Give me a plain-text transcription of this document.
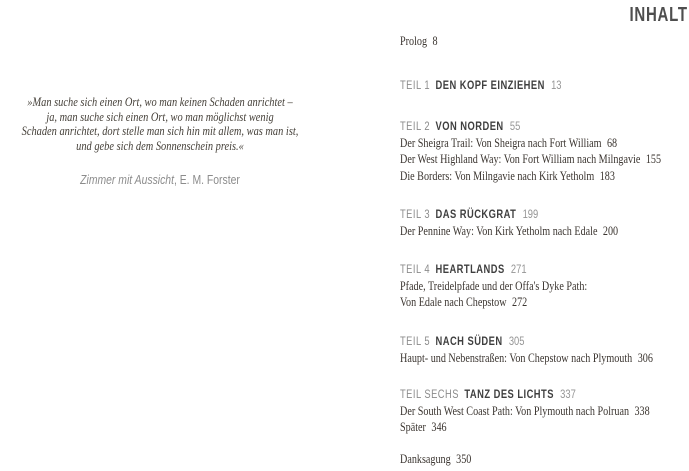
INHALT
»Man suche sich einen Ort, wo man keinen Schaden anrichtet –
ja, man suche sich einen Ort, wo man möglichst wenig
Schaden anrichtet, dort stelle man sich hin mit allem, was man ist,
und gebe sich dem Sonnenschein preis.«
Zimmer mit Aussicht, E. M. Forster
Prolog 8
TEIL 1 DEN KOPF EINZIEHEN 13
TEIL 2 VON NORDEN 55
Der Sheigra Trail: Von Sheigra nach Fort William 68
Der West Highland Way: Von Fort William nach Milngavie 155
Die Borders: Von Milngavie nach Kirk Yetholm 183
TEIL 3 DAS RÜCKGRAT 199
Der Pennine Way: Von Kirk Yetholm nach Edale 200
TEIL 4 HEARTLANDS 271
Pfade, Treidelpfade und der Offa's Dyke Path:
Von Edale nach Chepstow 272
TEIL 5 NACH SÜDEN 305
Haupt- und Nebenstraßen: Von Chepstow nach Plymouth 306
TEIL SECHS TANZ DES LICHTS 337
Der South West Coast Path: Von Plymouth nach Polruan 338
Später 346
Danksagung 350
